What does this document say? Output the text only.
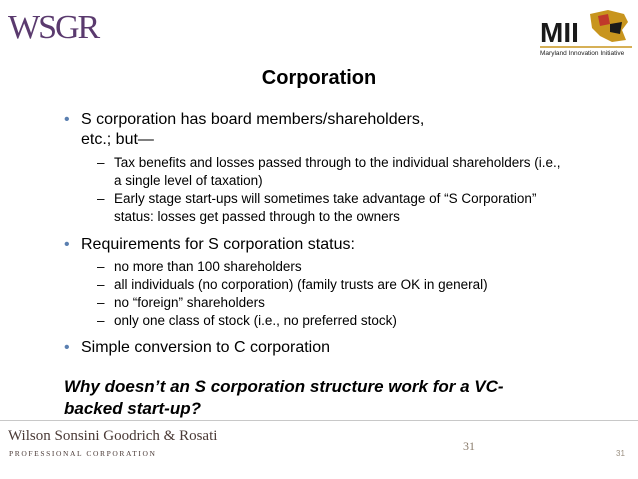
WSGR	MII
Maryland Innovation Initiative
Corporation
• S corporation has board members/shareholders, etc.; but—
– Tax benefits and losses passed through to the individual shareholders (i.e., a single level of taxation)
– Early stage start-ups will sometimes take advantage of “S Corporation” status: losses get passed through to the owners
• Requirements for S corporation status:
– no more than 100 shareholders
– all individuals (no corporation) (family trusts are OK in general)
– no “foreign” shareholders
– only one class of stock (i.e., no preferred stock)
• Simple conversion to C corporation
Why doesn’t an S corporation structure work for a VC-backed start-up?
Wilson Sonsini Goodrich & Rosati
PROFESSIONAL CORPORATION
31
31
